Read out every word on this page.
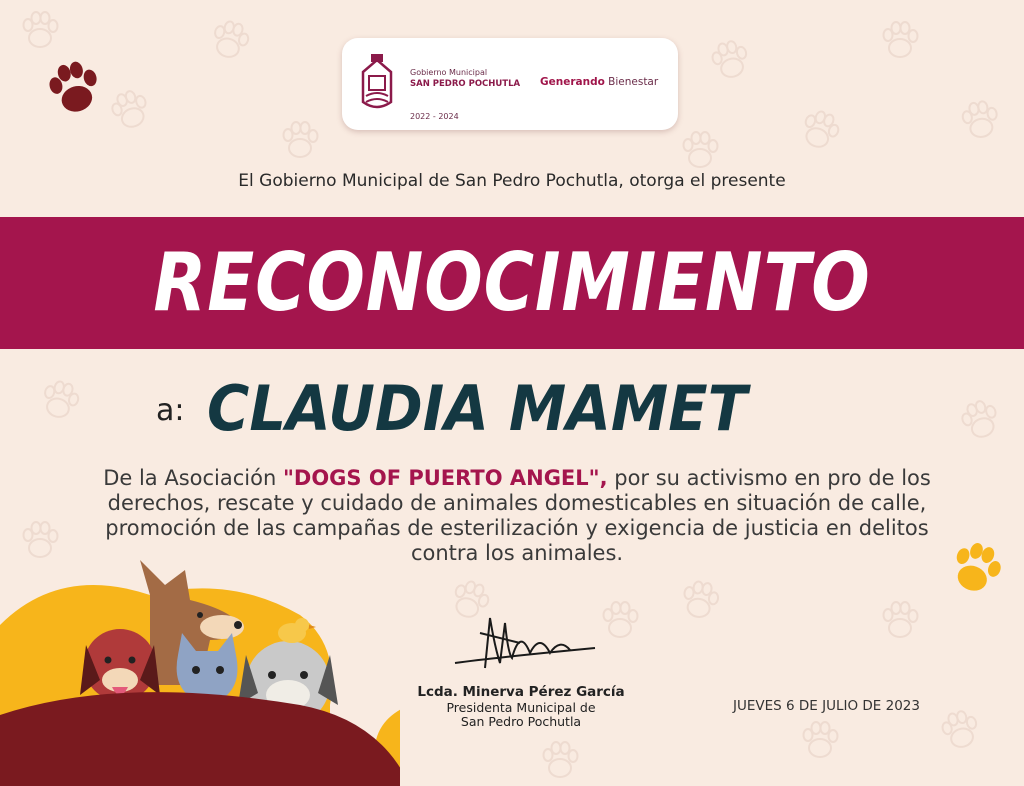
Gobierno Municipal
SAN PEDRO POCHUTLA
2022 - 2024
Generando Bienestar
El Gobierno Municipal de San Pedro Pochutla, otorga el presente
RECONOCIMIENTO
a: CLAUDIA MAMET
De la Asociación "DOGS OF PUERTO ANGEL", por su activismo en pro de los derechos, rescate y cuidado de animales domesticables en situación de calle, promoción de las campañas de esterilización y exigencia de justicia en delitos contra los animales.
Lcda. Minerva Pérez García
Presidenta Municipal de
San Pedro Pochutla
JUEVES 6 DE JULIO DE 2023
